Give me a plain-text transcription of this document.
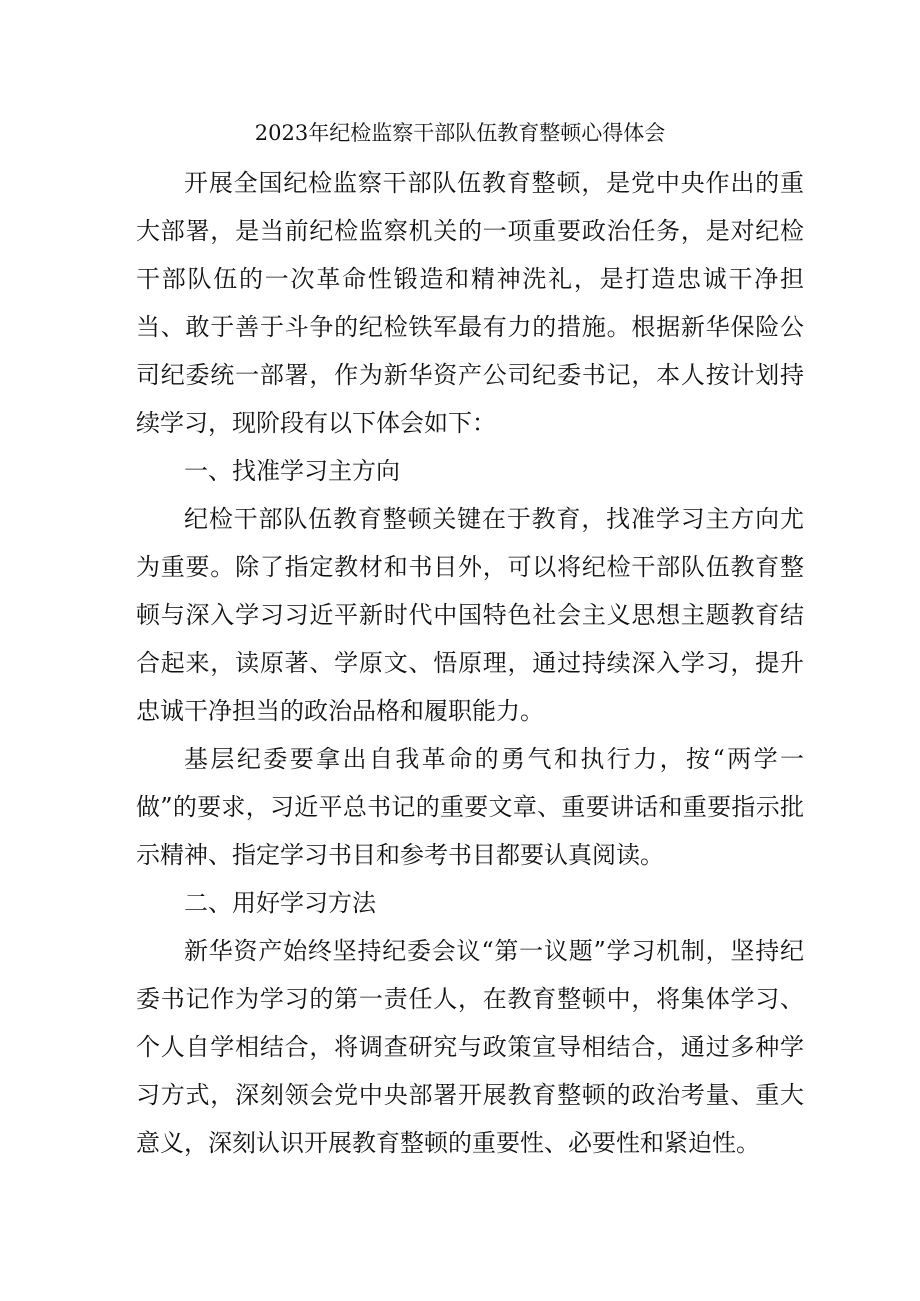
2023年纪检监察干部队伍教育整顿心得体会

开展全国纪检监察干部队伍教育整顿，是党中央作出的重大部署，是当前纪检监察机关的一项重要政治任务，是对纪检干部队伍的一次革命性锻造和精神洗礼，是打造忠诚干净担当、敢于善于斗争的纪检铁军最有力的措施。根据新华保险公司纪委统一部署，作为新华资产公司纪委书记，本人按计划持续学习，现阶段有以下体会如下：

一、找准学习主方向

纪检干部队伍教育整顿关键在于教育，找准学习主方向尤为重要。除了指定教材和书目外，可以将纪检干部队伍教育整顿与深入学习习近平新时代中国特色社会主义思想主题教育结合起来，读原著、学原文、悟原理，通过持续深入学习，提升忠诚干净担当的政治品格和履职能力。

基层纪委要拿出自我革命的勇气和执行力，按“两学一做”的要求，习近平总书记的重要文章、重要讲话和重要指示批示精神、指定学习书目和参考书目都要认真阅读。

二、用好学习方法

新华资产始终坚持纪委会议“第一议题”学习机制，坚持纪委书记作为学习的第一责任人，在教育整顿中，将集体学习、个人自学相结合，将调查研究与政策宣导相结合，通过多种学习方式，深刻领会党中央部署开展教育整顿的政治考量、重大意义，深刻认识开展教育整顿的重要性、必要性和紧迫性。
